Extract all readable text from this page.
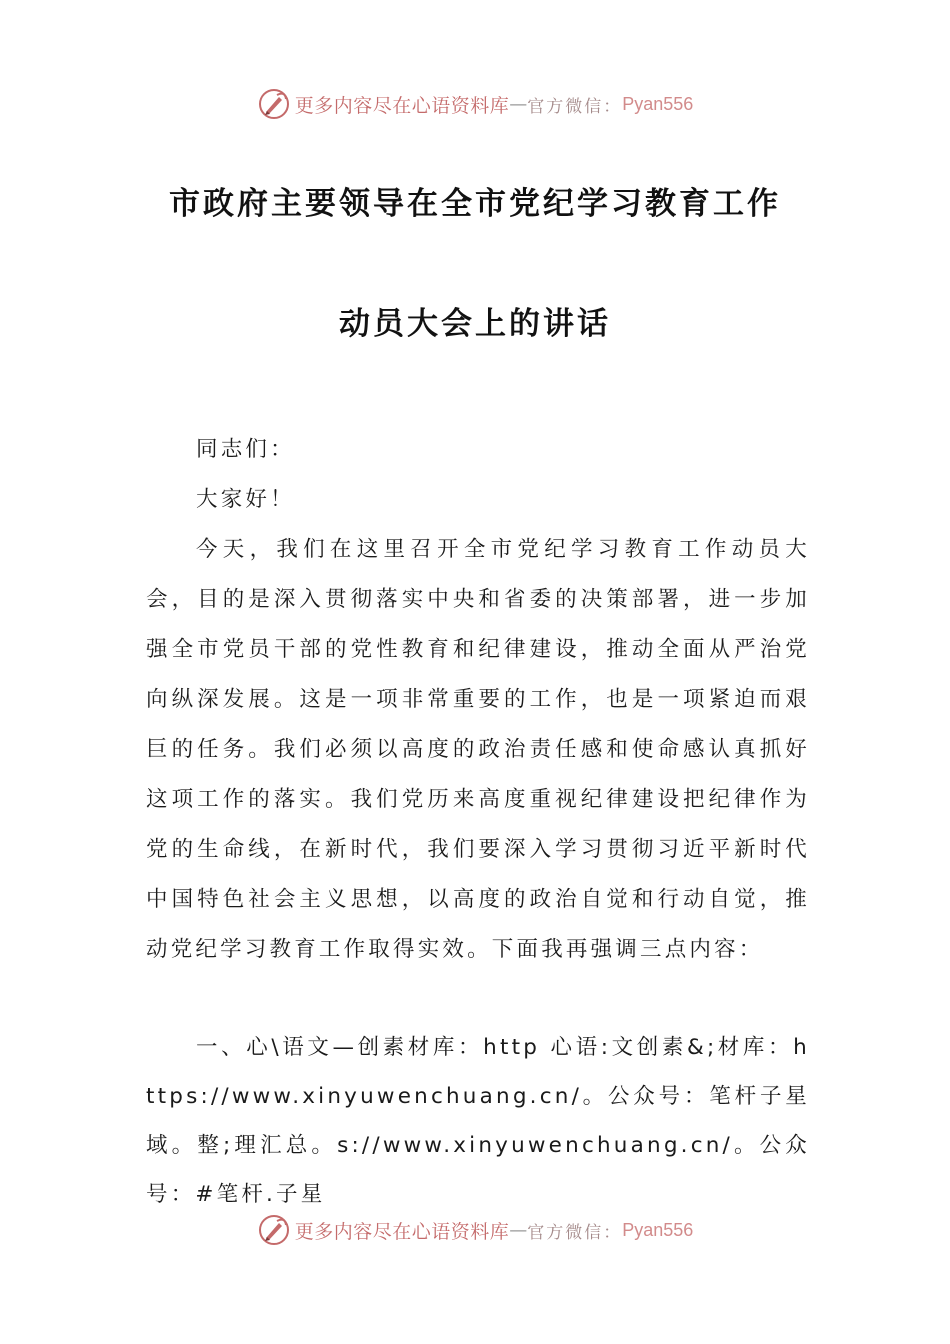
更多内容尽在心语资料库 — 官方微信： Pyan556
市政府主要领导在全市党纪学习教育工作
动员大会上的讲话

同志们：

大家好！

今天，我们在这里召开全市党纪学习教育工作动员大会，目的是深入贯彻落实中央和省委的决策部署，进一步加强全市党员干部的党性教育和纪律建设，推动全面从严治党向纵深发展。这是一项非常重要的工作，也是一项紧迫而艰巨的任务。我们必须以高度的政治责任感和使命感认真抓好这项工作的落实。我们党历来高度重视纪律建设把纪律作为党的生命线，在新时代，我们要深入学习贯彻习近平新时代中国特色社会主义思想，以高度的政治自觉和行动自觉，推动党纪学习教育工作取得实效。下面我再强调三点内容：

一、心\语文—创素材库：http 心语:文创素&;材库：https://www.xinyuwenchuang.cn/。公众号：笔杆子星域。整;理汇总。s://www.xinyuwenchuang.cn/。公众号：#笔杆.子星

更多内容尽在心语资料库 — 官方微信： Pyan556
